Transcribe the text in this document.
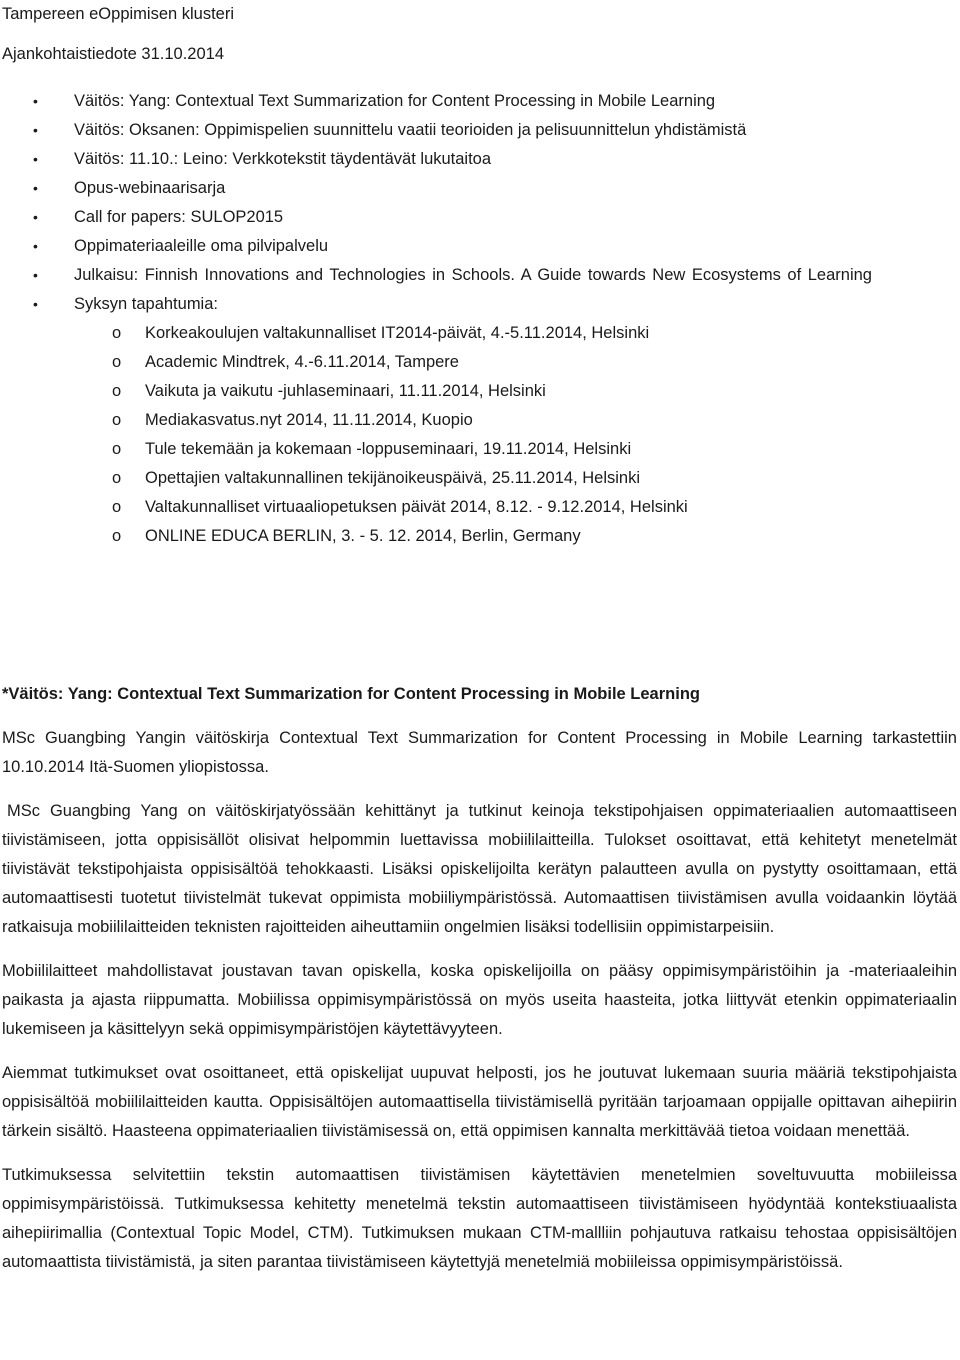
Tampereen eOppimisen klusteri
Ajankohtaistiedote 31.10.2014
• Väitös: Yang: Contextual Text Summarization for Content Processing in Mobile Learning
• Väitös: Oksanen: Oppimispelien suunnittelu vaatii teorioiden ja pelisuunnittelun yhdistämistä
• Väitös: 11.10.: Leino: Verkkotekstit täydentävät lukutaitoa
• Opus-webinaarisarja
• Call for papers: SULOP2015
• Oppimateriaaleille oma pilvipalvelu
• Julkaisu: Finnish Innovations and Technologies in Schools. A Guide towards New Ecosystems of Learning
• Syksyn tapahtumia:
o Korkeakoulujen valtakunnalliset IT2014-päivät, 4.-5.11.2014, Helsinki
o Academic Mindtrek, 4.-6.11.2014, Tampere
o Vaikuta ja vaikutu -juhlaseminaari, 11.11.2014, Helsinki
o Mediakasvatus.nyt 2014, 11.11.2014, Kuopio
o Tule tekemään ja kokemaan -loppuseminaari, 19.11.2014, Helsinki
o Opettajien valtakunnallinen tekijänoikeuspäivä, 25.11.2014, Helsinki
o Valtakunnalliset virtuaaliopetuksen päivät 2014, 8.12. - 9.12.2014, Helsinki
o ONLINE EDUCA BERLIN, 3. - 5. 12. 2014, Berlin, Germany
*Väitös: Yang: Contextual Text Summarization for Content Processing in Mobile Learning

MSc Guangbing Yangin väitöskirja Contextual Text Summarization for Content Processing in Mobile Learning tarkastettiin 10.10.2014 Itä-Suomen yliopistossa.

MSc Guangbing Yang on väitöskirjatyössään kehittänyt ja tutkinut keinoja tekstipohjaisen oppimateriaalien automaattiseen tiivistämiseen, jotta oppisisällöt olisivat helpommin luettavissa mobiililaitteilla. Tulokset osoittavat, että kehitetyt menetelmät tiivistävät tekstipohjaista oppisisältöä tehokkaasti. Lisäksi opiskelijoilta kerätyn palautteen avulla on pystytty osoittamaan, että automaattisesti tuotetut tiivistelmät tukevat oppimista mobiiliympäristössä. Automaattisen tiivistämisen avulla voidaankin löytää ratkaisuja mobiililaitteiden teknisten rajoitteiden aiheuttamiin ongelmien lisäksi todellisiin oppimistarpeisiin.

Mobiililaitteet mahdollistavat joustavan tavan opiskella, koska opiskelijoilla on pääsy oppimisympäristöihin ja -materiaaleihin paikasta ja ajasta riippumatta. Mobiilissa oppimisympäristössä on myös useita haasteita, jotka liittyvät etenkin oppimateriaalin lukemiseen ja käsittelyyn sekä oppimisympäristöjen käytettävyyteen.

Aiemmat tutkimukset ovat osoittaneet, että opiskelijat uupuvat helposti, jos he joutuvat lukemaan suuria määriä tekstipohjaista oppisisältöä mobiililaitteiden kautta. Oppisisältöjen automaattisella tiivistämisellä pyritään tarjoamaan oppijalle opittavan aihepiirin tärkein sisältö. Haasteena oppimateriaalien tiivistämisessä on, että oppimisen kannalta merkittävää tietoa voidaan menettää.

Tutkimuksessa selvitettiin tekstin automaattisen tiivistämisen käytettävien menetelmien soveltuvuutta mobiileissa oppimisympäristöissä. Tutkimuksessa kehitetty menetelmä tekstin automaattiseen tiivistämiseen hyödyntää kontekstiuaalista aihepiirimallia (Contextual Topic Model, CTM). Tutkimuksen mukaan CTM-mallliin pohjautuva ratkaisu tehostaa oppisisältöjen automaattista tiivistämistä, ja siten parantaa tiivistämiseen käytettyjä menetelmiä mobiileissa oppimisympäristöissä.
